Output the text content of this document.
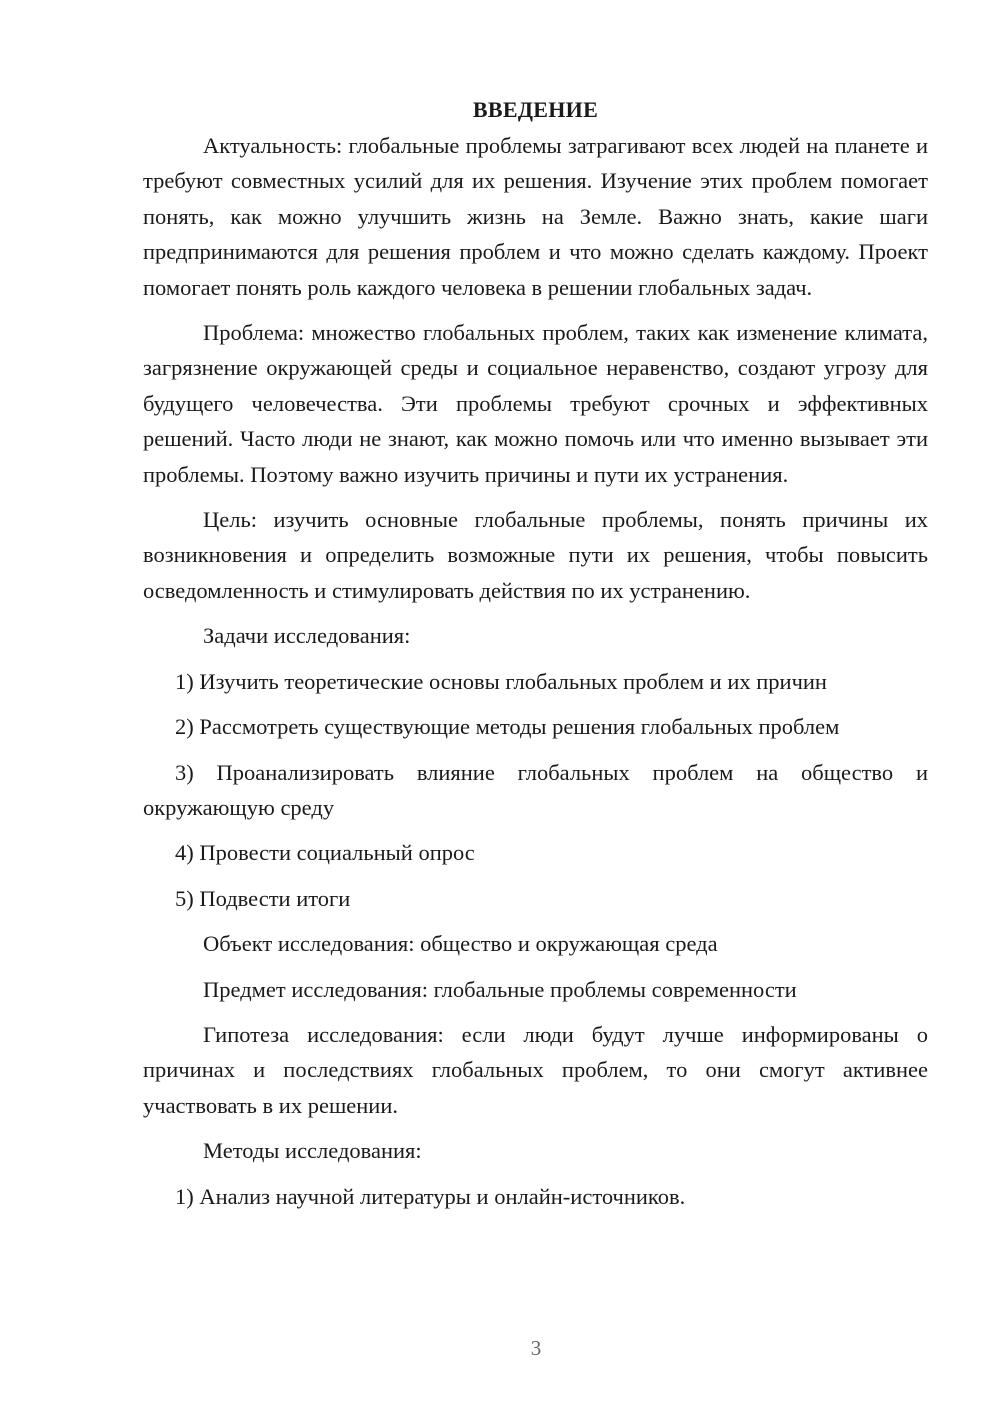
ВВЕДЕНИЕ

Актуальность: глобальные проблемы затрагивают всех людей на планете и требуют совместных усилий для их решения. Изучение этих проблем помогает понять, как можно улучшить жизнь на Земле. Важно знать, какие шаги предпринимаются для решения проблем и что можно сделать каждому. Проект помогает понять роль каждого человека в решении глобальных задач.

Проблема: множество глобальных проблем, таких как изменение климата, загрязнение окружающей среды и социальное неравенство, создают угрозу для будущего человечества. Эти проблемы требуют срочных и эффективных решений. Часто люди не знают, как можно помочь или что именно вызывает эти проблемы. Поэтому важно изучить причины и пути их устранения.

Цель: изучить основные глобальные проблемы, понять причины их возникновения и определить возможные пути их решения, чтобы повысить осведомленность и стимулировать действия по их устранению.

Задачи исследования:

1) Изучить теоретические основы глобальных проблем и их причин

2) Рассмотреть существующие методы решения глобальных проблем

3) Проанализировать влияние глобальных проблем на общество и окружающую среду

4) Провести социальный опрос

5) Подвести итоги

Объект исследования: общество и окружающая среда

Предмет исследования: глобальные проблемы современности

Гипотеза исследования: если люди будут лучше информированы о причинах и последствиях глобальных проблем, то они смогут активнее участвовать в их решении.

Методы исследования:

1) Анализ научной литературы и онлайн-источников.

3
